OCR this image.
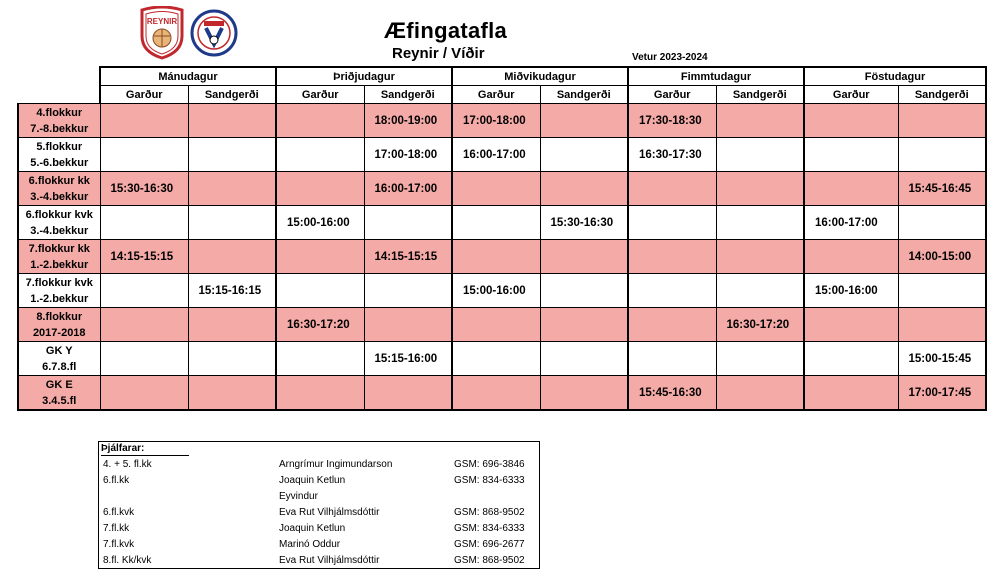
REYNIR	Æfingatafla
Reynir / Víðir	Vetur 2023-2024
	Mánudagur		Þriðjudagur		Miðvikudagur		Fimmtudagur		Föstudagur	
	Garður	Sandgerði	Garður	Sandgerði	Garður	Sandgerði	Garður	Sandgerði	Garður	Sandgerði

4.flokkur
7.-8.bekkur				18:00-19:00	17:00-18:00		17:30-18:30			

5.flokkur
5.-6.bekkur				17:00-18:00	16:00-17:00		16:30-17:30			

6.flokkur kk
3.-4.bekkur	15:30-16:30			16:00-17:00						15:45-16:45

6.flokkur kvk
3.-4.bekkur			15:00-16:00			15:30-16:30			16:00-17:00	

7.flokkur kk
1.-2.bekkur	14:15-15:15			14:15-15:15						14:00-15:00

7.flokkur kvk
1.-2.bekkur		15:15-16:15			15:00-16:00				15:00-16:00	

8.flokkur
2017-2018			16:30-17:20					16:30-17:20		

GK Y
6.7.8.fl				15:15-16:00						15:00-15:45

GK E
3.4.5.fl							15:45-16:30			17:00-17:45
Þjálfarar:
4. + 5. fl.kk	Arngrímur Ingimundarson	GSM: 696-3846
6.fl.kk	Joaquin Ketlun	GSM: 834-6333
Eyvindur
6.fl.kvk	Eva Rut Vilhjálmsdóttir	GSM: 868-9502
7.fl.kk	Joaquin Ketlun	GSM: 834-6333
7.fl.kvk	Marinó Oddur	GSM: 696-2677
8.fl. Kk/kvk	Eva Rut Vilhjálmsdóttir	GSM: 868-9502
